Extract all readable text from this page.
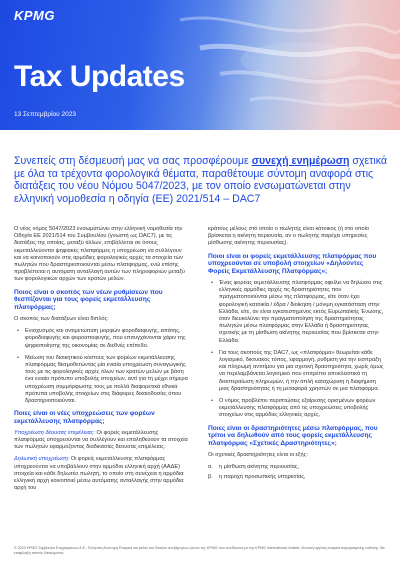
KPMG
Tax Updates
13 Σεπτεμβρίου 2023
Συνεπείς στη δέσμευσή μας να σας προσφέρουμε συνεχή ενημέρωση σχετικά με όλα τα τρέχοντα φορολογικά θέματα, παραθέτουμε σύντομη αναφορά στις διατάξεις του νέου Νόμου 5047/2023, με τον οποίο ενσωματώνεται στην ελληνική νομοθεσία η οδηγία (ΕΕ) 2021/514 – DAC7

Ο νέος νόμος 5047/2023 ενσωματώνει στην ελληνική νομοθεσία την Οδηγία ΕΕ 2021/514 του Συμβουλίου (γνωστή ως DAC7), με τις διατάξεις της οποίας, μεταξύ άλλων, επιβάλλεται σε όσους εκμεταλλεύονται ψηφιακές πλατφόρμες η υποχρέωση να συλλέγουν και να κοινοποιούν στις αρμόδιες φορολογικές αρχές τα στοιχεία των πωλητών που δραστηριοποιούνται μέσω πλατφορμας, ενώ επίσης προβλέπεται η αυτόματη ανταλλαγή αυτών των πληροφοριών μεταξύ των φορολογικών αρχών των κρατών μελών.

Ποιος είναι ο σκοπός των νέων ρυθμίσεων που θεσπίζονται για τους φορείς εκμετάλλευσης πλατφόρμας;

Ο σκοπός των διατάξεων είναι διπλός:

•	Ενισχυσμός και αντιμετώπιση μορφών φοροδιαφυγής, απάτης, φοροδιαφυγής και φοροαποφυγής, που επιτυγχάνονται χάριν της ψηφιοποίησης της οικονομίας σε διεθνές επίπεδο.
•	Μείωση του διοικητικού κόστους των φορέων εκμετάλλευσης πλατφόρμας θεσμοθετώντας μία ενιαία υποχρέωση συναγωγικής τους με τις φορολογικές αρχές όλων των κρατών μελών με βάση ένα ενιαίο πρότυπο υποβολής στοιχείων, αντί για τη μέχρι σήμερα υποχρέωση συμμόρφωσης τους με πολλά διαφορετικά εθνικά πρότυπα υποβολής στοιχείων στις διάφορες δικαιοδοσίες όπου δραστηριοποιούνται.
Ποιες είναι οι νέες υποχρεώσεις των φορέων εκμετάλλευσης πλατφόρμας;

Υποχρέωση δέουσας επιμέλειας: Οι φορείς εκμετάλλευσης πλατφόρμας υποχρεούνται να συλλέγουν και επαληθεύουν τα στοιχεία των πωλητών εφαρμόζοντας διαδικασίες δέουσας επιμέλειας.

Δηλωτική υποχρέωση: Οι φορείς εκμετάλλευσης πλατφόρμας υποχρεούνται να υποβάλλουν στην αρμόδια ελληνική αρχή (ΑΑΔΕ) στοιχεία και κάθε δηλωτέο πωλητή, το οποίο στη συνέχεια η αρμόδια ελληνική αρχή κοινοποιεί μέσω αυτόματης ανταλλαγής στην αρμόδια αρχή του

κράτους μέλους στο οποίο ο πωλητής είναι κάτοικος (ή στο οποίο βρίσκεται η ακίνητη περιουσία, αν ο πωλητής παρέχει υπηρεσίες μίσθωσης ακίνητης περιουσίας).

Ποιοι είναι οι φορείς εκμετάλλευσης πλατφόρμας που υποχρεούνται σε υποβολή στοιχείων «Δηλούντες Φορείς Εκμετάλλευσης Πλατφόρμας»;
•	Ένας φορέας εκμετάλλευσης πλατφόρμας οφείλει να δηλώσει στις ελληνικές αρμόδιες αρχές τις δραστηριότητες που πραγματοποιούνται μέσω της πλατφόρμας, είτε όταν έχει φορολογική κατοικία / έδρα / διοίκηση / μόνιμη εγκατάσταση στην Ελλάδα, είτε, αν είναι εγκατεστημένος εκτός Ευρωπαϊκής Ένωσης, όταν διευκολύνει την πραγματοποίηση της δραστηριότητας πωλητών μέσω πλατφόρμας στην Ελλάδα ή δραστηριότητας σχετικής με τη μίσθωση ακίνητης περιουσίας που βρίσκεται στην Ελλάδα.
•	Για τους σκοπούς της DAC7, ως «πλατφόρμα» θεωρείται κάθε λογισμικό, δικτυακός τόπος, εφαρμογή, ρυθμιση για την εισπραξη και πληρωμή αντιτίμου για μια σχετική δραστηριότητα, χωρίς όμως να περιλαμβάνεται λογισμικό που επιτρέπει αποκλειστικά τη διεκπεραίωση πληρωμών, ή την απλή καταχώριση ή διαφήμιση μιας δραστηριότητας ή τη μεταφορά χρηστών σε μια πλατφόρμα.
•	Ο νόμος προβλέπει περιπτώσεις εξαίρεσης ορισμένων φορέων εκμετάλλευσης πλατφόρμας από τις υποχρεώσεις υποβολής στοιχείων στις αρμόδιες ελληνικές αρχές.
Ποιες είναι οι δραστηριότητες μέσω πλατφόρμας, που τρίτοι να δηλωθούν από τους φορείς εκμετάλλευσης πλατφόρμας «Σχετικές Δραστηριότητες»;

Οι σχετικές δραστηριότητες είναι οι εξής:

α.	η μίσθωση ακίνητης περιουσίας,
β.	η παροχή προσωπικής υπηρεσίας,
© 2023 KPMG Σύμβουλοι Επιχειρήσεων Α.Ε., Ελληνική Ανώνυμη Εταιρεία και μέλος του δικτύου ανεξάρτητων μελών της KPMG που συνδέονται με την KPMG International Limited, ιδιωτική αγγλική εταιρεία περιορισμένης ευθύνης. Με επιφύλαξη παντός δικαιώματος.
